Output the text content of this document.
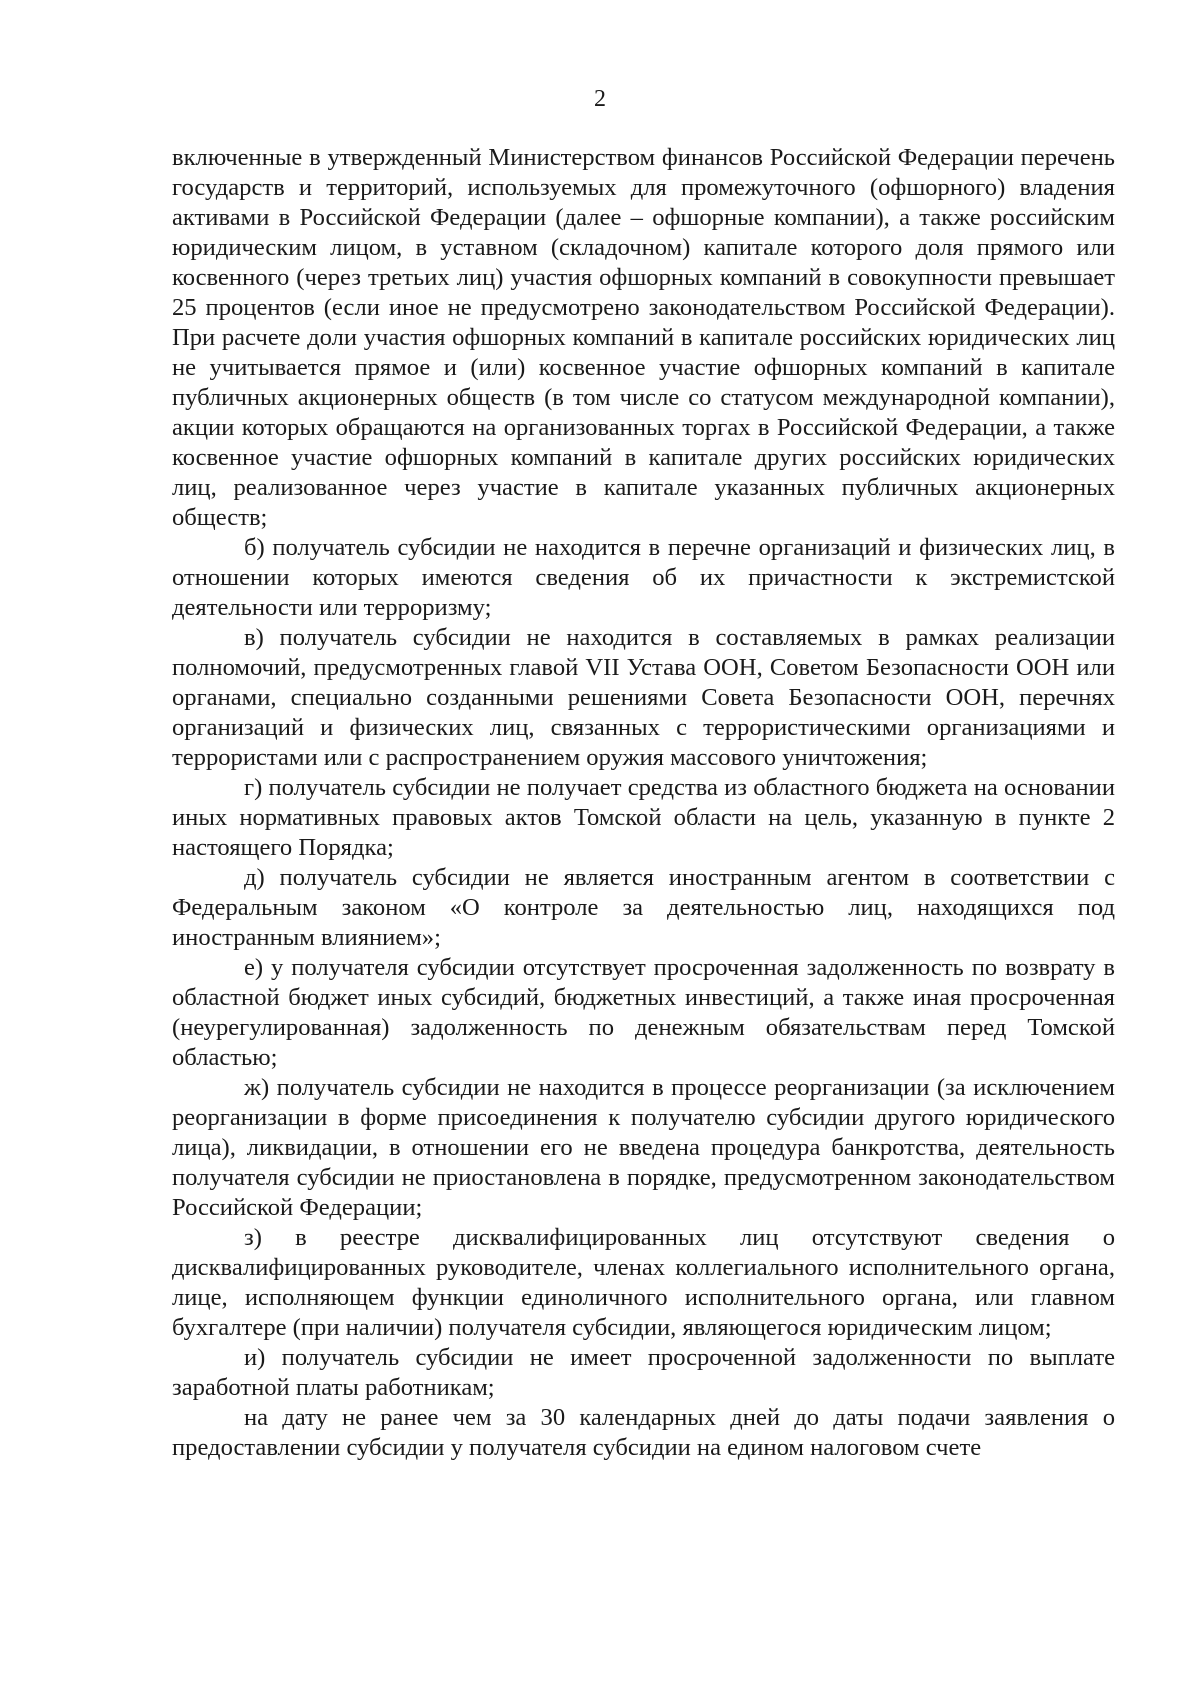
2

включенные в утвержденный Министерством финансов Российской Федерации перечень государств и территорий, используемых для промежуточного (офшорного) владения активами в Российской Федерации (далее – офшорные компании), а также российским юридическим лицом, в уставном (складочном) капитале которого доля прямого или косвенного (через третьих лиц) участия офшорных компаний в совокупности превышает 25 процентов (если иное не предусмотрено законодательством Российской Федерации). При расчете доли участия офшорных компаний в капитале российских юридических лиц не учитывается прямое и (или) косвенное участие офшорных компаний в капитале публичных акционерных обществ (в том числе со статусом международной компании), акции которых обращаются на организованных торгах в Российской Федерации, а также косвенное участие офшорных компаний в капитале других российских юридических лиц, реализованное через участие в капитале указанных публичных акционерных обществ;

б) получатель субсидии не находится в перечне организаций и физических лиц, в отношении которых имеются сведения об их причастности к экстремистской деятельности или терроризму;

в) получатель субсидии не находится в составляемых в рамках реализации полномочий, предусмотренных главой VII Устава ООН, Советом Безопасности ООН или органами, специально созданными решениями Совета Безопасности ООН, перечнях организаций и физических лиц, связанных с террористическими организациями и террористами или с распространением оружия массового уничтожения;

г) получатель субсидии не получает средства из областного бюджета на основании иных нормативных правовых актов Томской области на цель, указанную в пункте 2 настоящего Порядка;

д) получатель субсидии не является иностранным агентом в соответствии с Федеральным законом «О контроле за деятельностью лиц, находящихся под иностранным влиянием»;

е) у получателя субсидии отсутствует просроченная задолженность по возврату в областной бюджет иных субсидий, бюджетных инвестиций, а также иная просроченная (неурегулированная) задолженность по денежным обязательствам перед Томской областью;

ж) получатель субсидии не находится в процессе реорганизации (за исключением реорганизации в форме присоединения к получателю субсидии другого юридического лица), ликвидации, в отношении его не введена процедура банкротства, деятельность получателя субсидии не приостановлена в порядке, предусмотренном законодательством Российской Федерации;

з) в реестре дисквалифицированных лиц отсутствуют сведения о дисквалифицированных руководителе, членах коллегиального исполнительного органа, лице, исполняющем функции единоличного исполнительного органа, или главном бухгалтере (при наличии) получателя субсидии, являющегося юридическим лицом;

и) получатель субсидии не имеет просроченной задолженности по выплате заработной платы работникам;

на дату не ранее чем за 30 календарных дней до даты подачи заявления о предоставлении субсидии у получателя субсидии на едином налоговом счете
